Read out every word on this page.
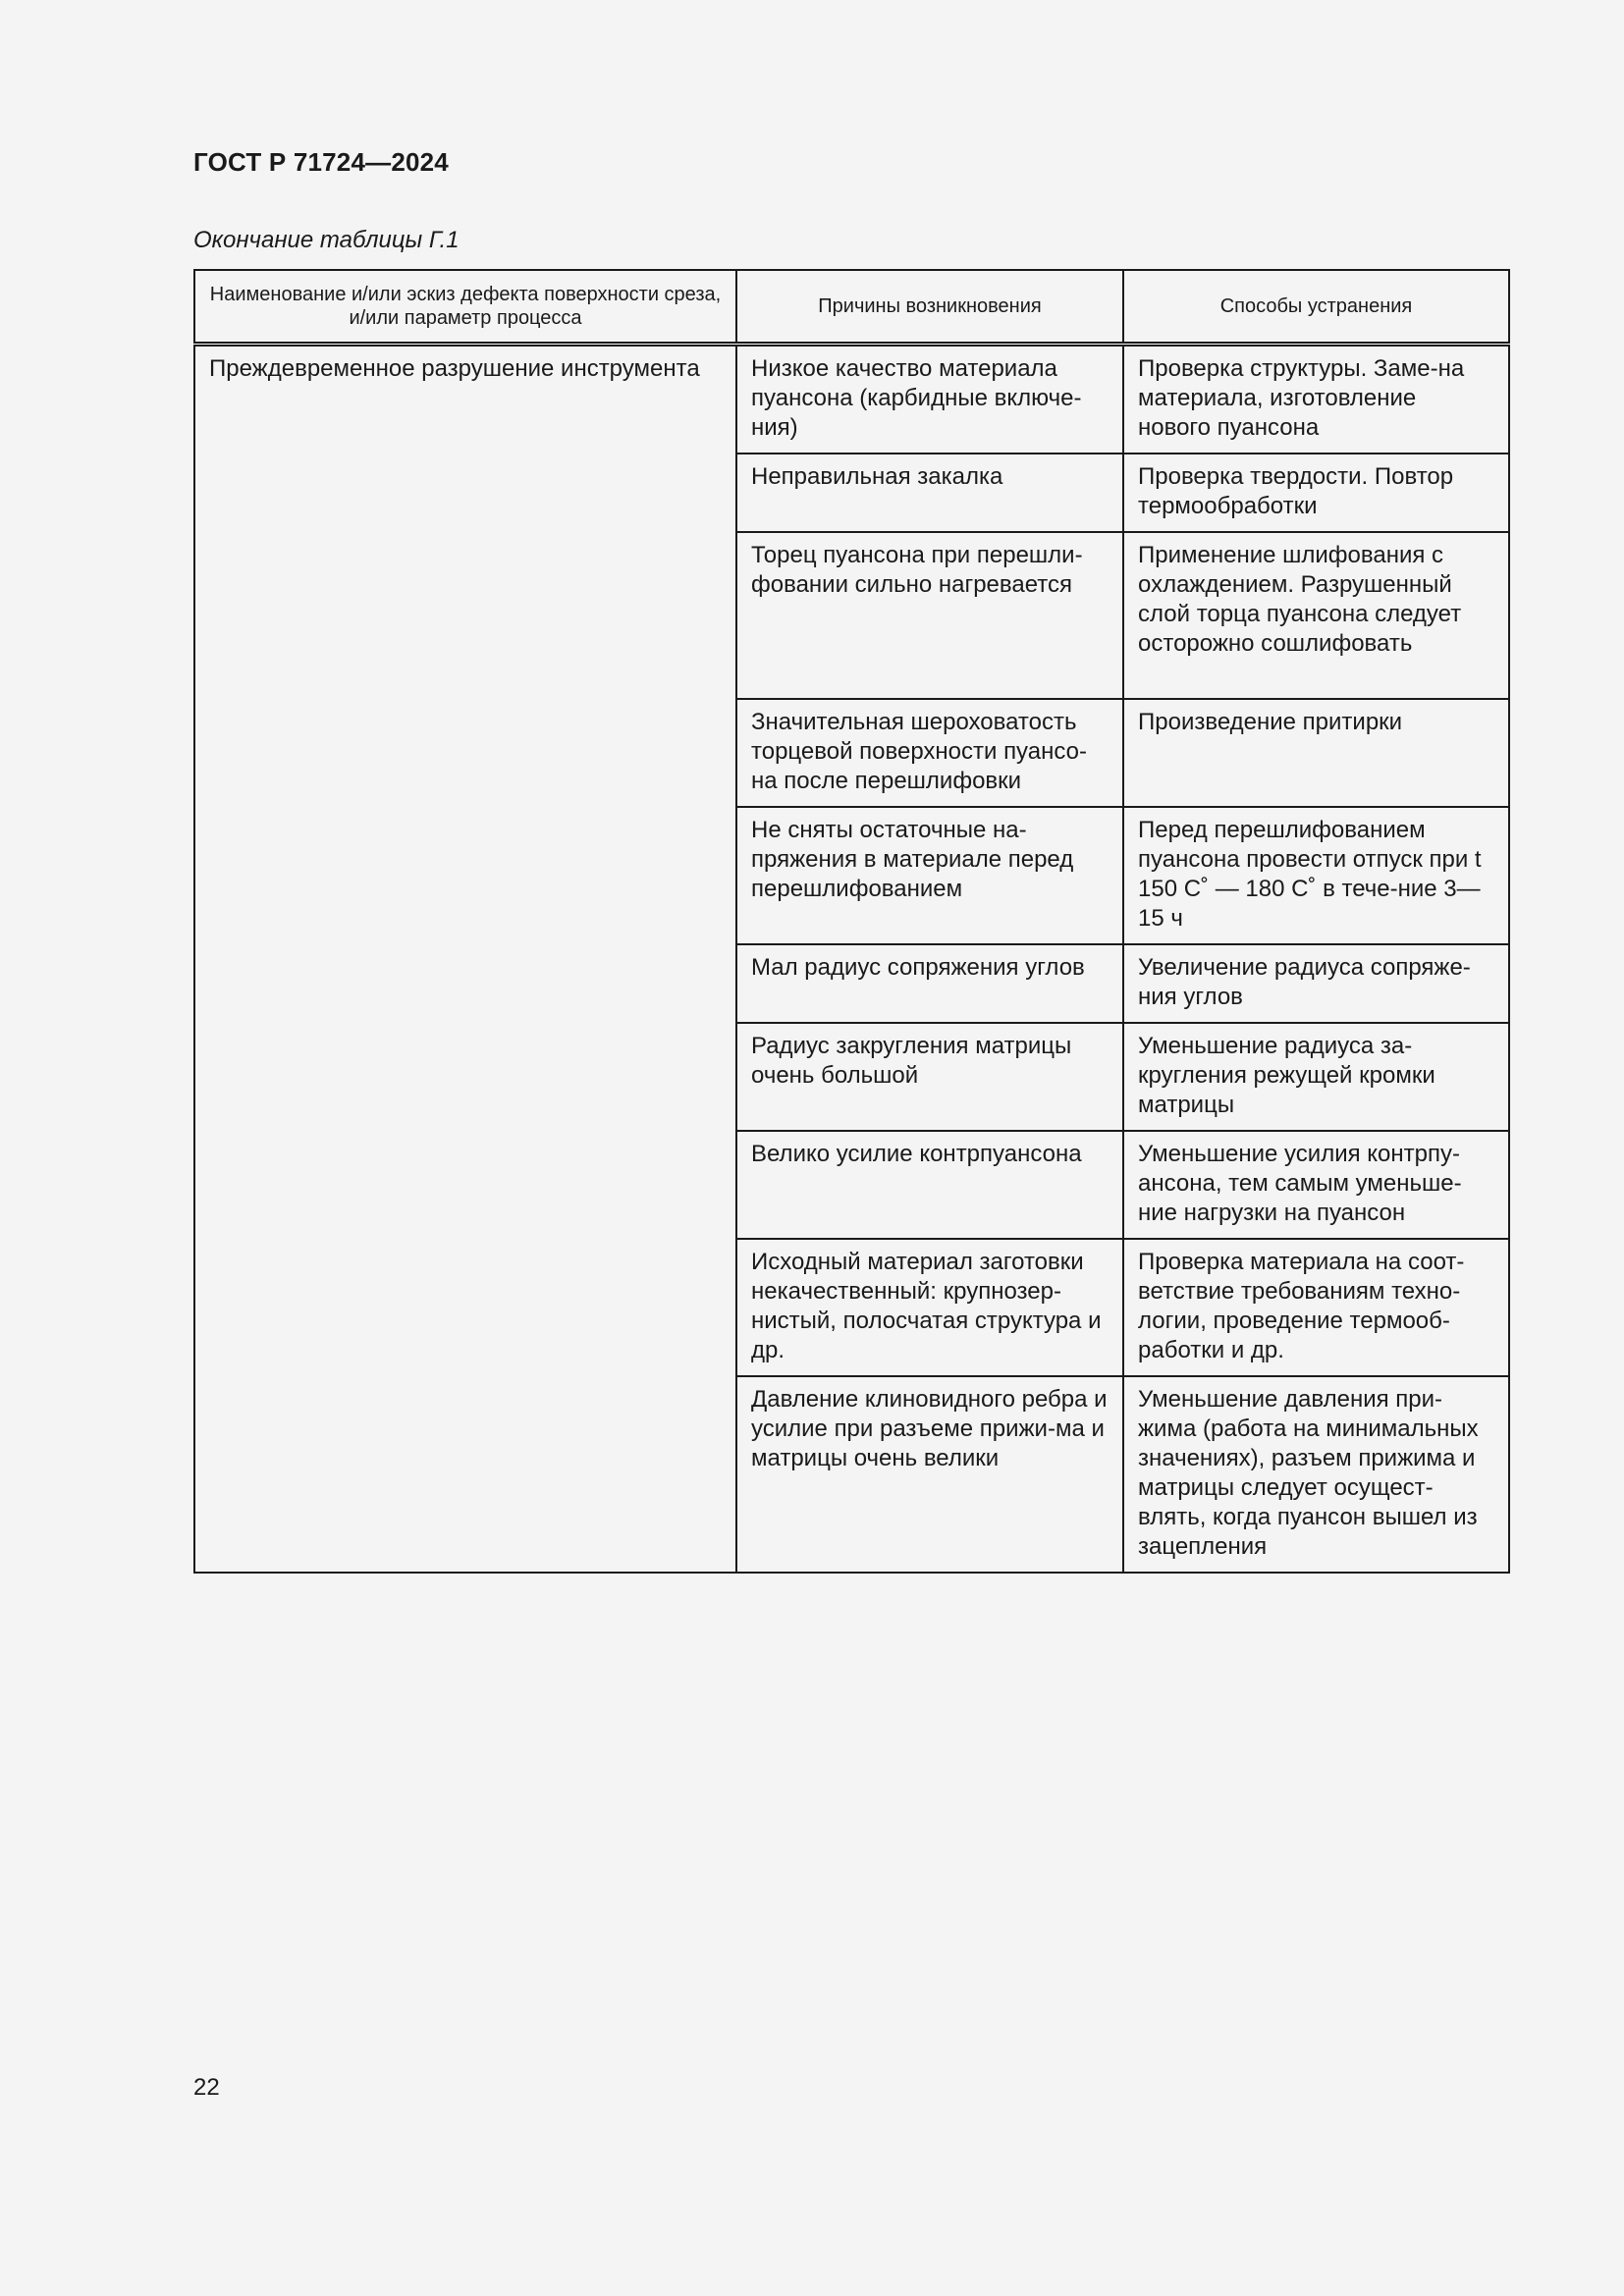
ГОСТ Р 71724—2024
Окончание таблицы Г.1
Наименование и/или эскиз дефекта поверхности среза, и/или параметр процесса	Причины возникновения	Способы устранения
Преждевременное разрушение инструмента	Низкое качество материала пуансона (карбидные включе-ния)	Проверка структуры. Заме-на материала, изготовление нового пуансона
	Неправильная закалка	Проверка твердости. Повтор термообработки
	Торец пуансона при перешли-фовании сильно нагревается	Применение шлифования с охлаждением. Разрушенный слой торца пуансона следует осторожно сошлифовать
	Значительная шероховатость торцевой поверхности пуансо-на после перешлифовки	Произведение притирки
	Не сняты остаточные на-пряжения в материале перед перешлифованием	Перед перешлифованием пуансона провести отпуск при t 150 С˚ — 180 С˚ в тече-ние 3—15 ч
	Мал радиус сопряжения углов	Увеличение радиуса сопряже-ния углов
	Радиус закругления матрицы очень большой	Уменьшение радиуса за-кругления режущей кромки матрицы
	Велико усилие контрпуансона	Уменьшение усилия контрпу-ансона, тем самым уменьше-ние нагрузки на пуансон
	Исходный материал заготовки некачественный: крупнозер-нистый, полосчатая структура и др.	Проверка материала на соот-ветствие требованиям техно-логии, проведение термооб-работки и др.
	Давление клиновидного ребра и усилие при разъеме прижи-ма и матрицы очень велики	Уменьшение давления при-жима (работа на минимальных значениях), разъем прижима и матрицы следует осущест-влять, когда пуансон вышел из зацепления
22
